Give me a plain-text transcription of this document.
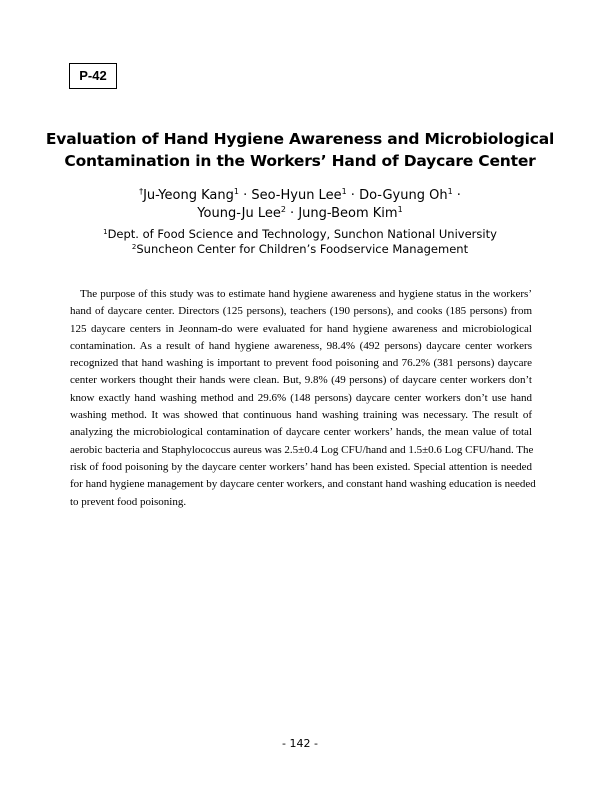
P-42
Evaluation of Hand Hygiene Awareness and Microbiological
Contamination in the Workers’ Hand of Daycare Center
†Ju-Yeong Kang$^1$ · Seo-Hyun Lee$^1$ · Do-Gyung $Oh^1$ ·
Young-Ju Lee$^2$ · Jung-Beom Kim$^1$
$^1$Dept. of Food Science and Technology, Sunchon National University
$^2$Suncheon Center for Children’s Foodservice Management
The purpose of this study was to estimate hand hygiene awareness and hygiene status in the workers’
hand of daycare center. Directors (125 persons), teachers (190 persons), and cooks (185 persons) from
125 daycare centers in Jeonnam-do were evaluated for hand hygiene awareness and microbiological
contamination. As a result of hand hygiene awareness, 98.4% (492 persons) daycare center workers
recognized that hand washing is important to prevent food poisoning and 76.2% (381 persons) daycare
center workers thought their hands were clean. But, 9.8% (49 persons) of daycare center workers don’t
know exactly hand washing method and 29.6% (148 persons) daycare center workers don’t use hand
washing method. It was showed that continuous hand washing training was necessary. The result of
analyzing the microbiological contamination of daycare center workers’ hands, the mean value of total
aerobic bacteria and Staphylococcus aureus was 2.5±0.4 Log CFU/hand and 1.5±0.6 Log CFU/hand. The
risk of food poisoning by the daycare center workers’ hand has been existed. Special attention is needed
for hand hygiene management by daycare center workers, and constant hand washing education is needed
to prevent food poisoning.
- 142 -
